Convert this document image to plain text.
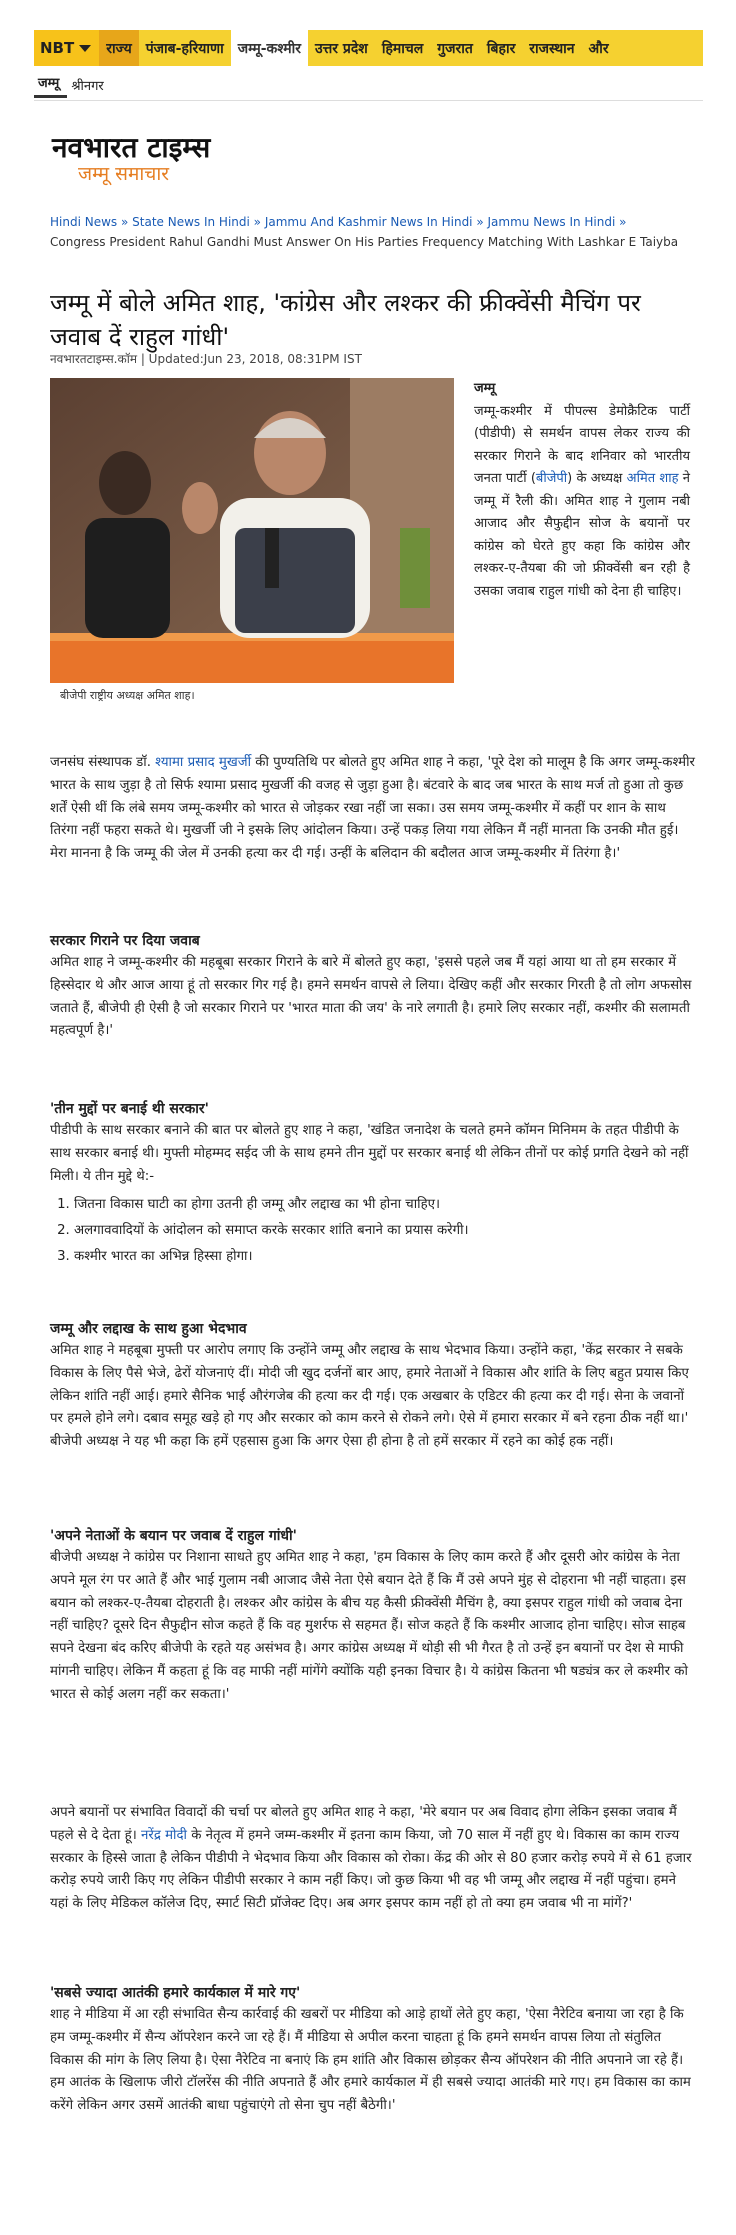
NBT	राज्य	पंजाब-हरियाणा	जम्मू-कश्मीर	उत्तर प्रदेश	हिमाचल	गुजरात	बिहार	राजस्थान	और
जम्मू श्रीनगर
नवभारत टाइम्स
जम्मू समाचार
Hindi News » State News In Hindi » Jammu And Kashmir News In Hindi » Jammu News In Hindi »
Congress President Rahul Gandhi Must Answer On His Parties Frequency Matching With Lashkar E Taiyba
जम्मू में बोले अमित शाह, 'कांग्रेस और लश्कर की फ्रीक्वेंसी मैचिंग पर जवाब दें राहुल गांधी'
नवभारतटाइम्स.कॉम | Updated:Jun 23, 2018, 08:31PM IST
बीजेपी राष्ट्रीय अध्यक्ष अमित शाह।
जम्मू
जम्मू-कश्मीर में पीपल्स डेमोक्रैटिक पार्टी (पीडीपी) से समर्थन वापस लेकर राज्य की सरकार गिराने के बाद शनिवार को भारतीय जनता पार्टी (बीजेपी) के अध्यक्ष अमित शाह ने जम्मू में रैली की। अमित शाह ने गुलाम नबी आजाद और सैफुद्दीन सोज के बयानों पर कांग्रेस को घेरते हुए कहा कि कांग्रेस और लश्कर-ए-तैयबा की जो फ्रीक्वेंसी बन रही है उसका जवाब राहुल गांधी को देना ही चाहिए।

जनसंघ संस्थापक डॉ. श्यामा प्रसाद मुखर्जी की पुण्यतिथि पर बोलते हुए अमित शाह ने कहा, 'पूरे देश को मालूम है कि अगर जम्मू-कश्मीर भारत के साथ जुड़ा है तो सिर्फ श्यामा प्रसाद मुखर्जी की वजह से जुड़ा हुआ है। बंटवारे के बाद जब भारत के साथ मर्ज तो हुआ तो कुछ शर्तें ऐसी थीं कि लंबे समय जम्मू-कश्मीर को भारत से जोड़कर रखा नहीं जा सका। उस समय जम्मू-कश्मीर में कहीं पर शान के साथ तिरंगा नहीं फहरा सकते थे। मुखर्जी जी ने इसके लिए आंदोलन किया। उन्हें पकड़ लिया गया लेकिन मैं नहीं मानता कि उनकी मौत हुई। मेरा मानना है कि जम्मू की जेल में उनकी हत्या कर दी गई। उन्हीं के बलिदान की बदौलत आज जम्मू-कश्मीर में तिरंगा है।'

सरकार गिराने पर दिया जवाब

अमित शाह ने जम्मू-कश्मीर की महबूबा सरकार गिराने के बारे में बोलते हुए कहा, 'इससे पहले जब मैं यहां आया था तो हम सरकार में हिस्सेदार थे और आज आया हूं तो सरकार गिर गई है। हमने समर्थन वापसे ले लिया। देखिए कहीं और सरकार गिरती है तो लोग अफसोस जताते हैं, बीजेपी ही ऐसी है जो सरकार गिराने पर 'भारत माता की जय' के नारे लगाती है। हमारे लिए सरकार नहीं, कश्मीर की सलामती महत्वपूर्ण है।'

'तीन मुद्दों पर बनाई थी सरकार'

पीडीपी के साथ सरकार बनाने की बात पर बोलते हुए शाह ने कहा, 'खंडित जनादेश के चलते हमने कॉमन मिनिमम के तहत पीडीपी के साथ सरकार बनाई थी। मुफ्ती मोहम्मद सईद जी के साथ हमने तीन मुद्दों पर सरकार बनाई थी लेकिन तीनों पर कोई प्रगति देखने को नहीं मिली। ये तीन मुद्दे थे:-

1. जितना विकास घाटी का होगा उतनी ही जम्मू और लद्दाख का भी होना चाहिए।
2. अलगाववादियों के आंदोलन को समाप्त करके सरकार शांति बनाने का प्रयास करेगी।
3. कश्मीर भारत का अभिन्न हिस्सा होगा।
जम्मू और लद्दाख के साथ हुआ भेदभाव

अमित शाह ने महबूबा मुफ्ती पर आरोप लगाए कि उन्होंने जम्मू और लद्दाख के साथ भेदभाव किया। उन्होंने कहा, 'केंद्र सरकार ने सबके विकास के लिए पैसे भेजे, ढेरों योजनाएं दीं। मोदी जी खुद दर्जनों बार आए, हमारे नेताओं ने विकास और शांति के लिए बहुत प्रयास किए लेकिन शांति नहीं आई। हमारे सैनिक भाई औरंगजेब की हत्या कर दी गई। एक अखबार के एडिटर की हत्या कर दी गई। सेना के जवानों पर हमले होने लगे। दबाव समूह खड़े हो गए और सरकार को काम करने से रोकने लगे। ऐसे में हमारा सरकार में बने रहना ठीक नहीं था।' बीजेपी अध्यक्ष ने यह भी कहा कि हमें एहसास हुआ कि अगर ऐसा ही होना है तो हमें सरकार में रहने का कोई हक नहीं।

'अपने नेताओं के बयान पर जवाब दें राहुल गांधी'

बीजेपी अध्यक्ष ने कांग्रेस पर निशाना साधते हुए अमित शाह ने कहा, 'हम विकास के लिए काम करते हैं और दूसरी ओर कांग्रेस के नेता अपने मूल रंग पर आते हैं और भाई गुलाम नबी आजाद जैसे नेता ऐसे बयान देते हैं कि मैं उसे अपने मुंह से दोहराना भी नहीं चाहता। इस बयान को लश्कर-ए-तैयबा दोहराती है। लश्कर और कांग्रेस के बीच यह कैसी फ्रीक्वेंसी मैचिंग है, क्या इसपर राहुल गांधी को जवाब देना नहीं चाहिए? दूसरे दिन सैफुद्दीन सोज कहते हैं कि वह मुशर्रफ से सहमत हैं। सोज कहते हैं कि कश्मीर आजाद होना चाहिए। सोज साहब सपने देखना बंद करिए बीजेपी के रहते यह असंभव है। अगर कांग्रेस अध्यक्ष में थोड़ी सी भी गैरत है तो उन्हें इन बयानों पर देश से माफी मांगनी चाहिए। लेकिन मैं कहता हूं कि वह माफी नहीं मांगेंगे क्योंकि यही इनका विचार है। ये कांग्रेस कितना भी षड्यंत्र कर ले कश्मीर को भारत से कोई अलग नहीं कर सकता।'

अपने बयानों पर संभावित विवादों की चर्चा पर बोलते हुए अमित शाह ने कहा, 'मेरे बयान पर अब विवाद होगा लेकिन इसका जवाब मैं पहले से दे देता हूं। नरेंद्र मोदी के नेतृत्व में हमने जम्म-कश्मीर में इतना काम किया, जो 70 साल में नहीं हुए थे। विकास का काम राज्य सरकार के हिस्से जाता है लेकिन पीडीपी ने भेदभाव किया और विकास को रोका। केंद्र की ओर से 80 हजार करोड़ रुपये में से 61 हजार करोड़ रुपये जारी किए गए लेकिन पीडीपी सरकार ने काम नहीं किए। जो कुछ किया भी वह भी जम्मू और लद्दाख में नहीं पहुंचा। हमने यहां के लिए मेडिकल कॉलेज दिए, स्मार्ट सिटी प्रॉजेक्ट दिए। अब अगर इसपर काम नहीं हो तो क्या हम जवाब भी ना मांगें?'

'सबसे ज्यादा आतंकी हमारे कार्यकाल में मारे गए'

शाह ने मीडिया में आ रही संभावित सैन्य कार्रवाई की खबरों पर मीडिया को आड़े हाथों लेते हुए कहा, 'ऐसा नैरेटिव बनाया जा रहा है कि हम जम्मू-कश्मीर में सैन्य ऑपरेशन करने जा रहे हैं। मैं मीडिया से अपील करना चाहता हूं कि हमने समर्थन वापस लिया तो संतुलित विकास की मांग के लिए लिया है। ऐसा नैरेटिव ना बनाएं कि हम शांति और विकास छोड़कर सैन्य ऑपरेशन की नीति अपनाने जा रहे हैं। हम आतंक के खिलाफ जीरो टॉलरेंस की नीति अपनाते हैं और हमारे कार्यकाल में ही सबसे ज्यादा आतंकी मारे गए। हम विकास का काम करेंगे लेकिन अगर उसमें आतंकी बाधा पहुंचाएंगे तो सेना चुप नहीं बैठेगी।'
